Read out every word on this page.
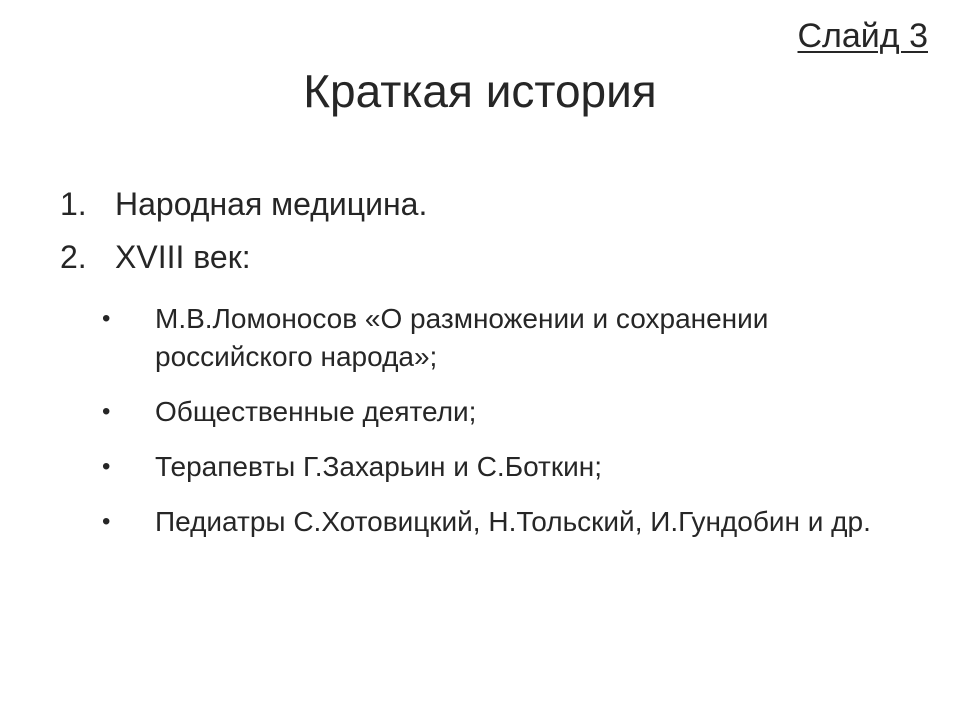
Слайд 3
Краткая история
1. Народная медицина.
2. XVIII век:
• М.В.Ломоносов «О размножении и сохранении российского народа»;
• Общественные деятели;
• Терапевты Г.Захарьин и С.Боткин;
• Педиатры С.Хотовицкий, Н.Тольский, И.Гундобин и др.
